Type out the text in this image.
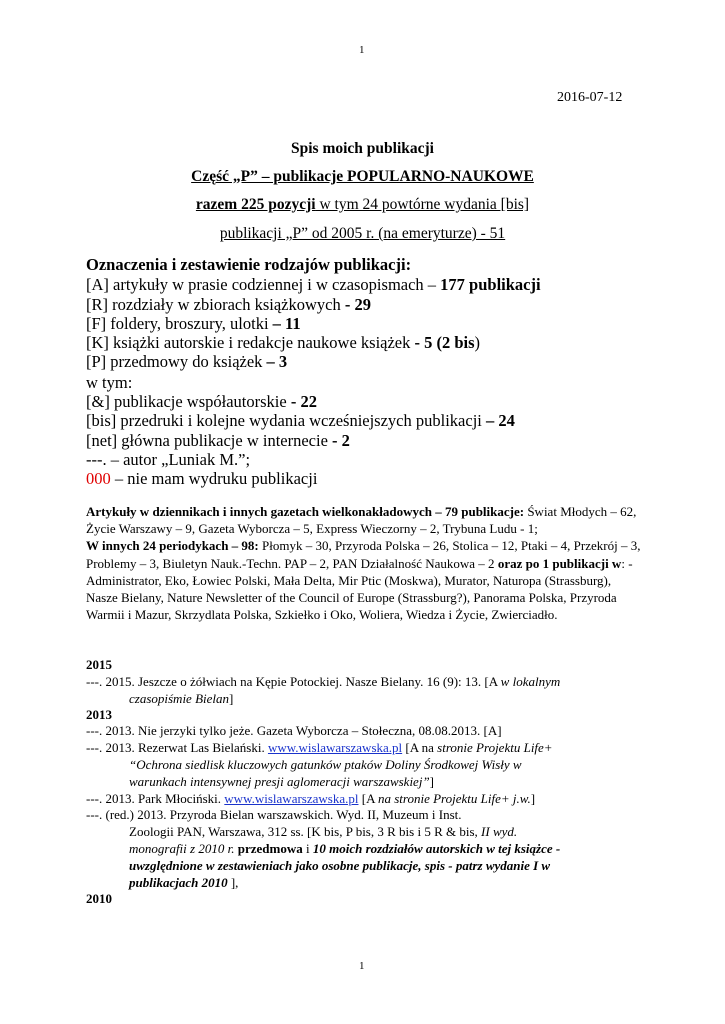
1
2016-07-12
Spis moich publikacji
Część „P” – publikacje POPULARNO-NAUKOWE
razem 225 pozycji w tym 24 powtórne wydania [bis]
publikacji „P” od 2005 r. (na emeryturze) - 51
Oznaczenia i zestawienie rodzajów publikacji:
[A] artykuły w prasie codziennej i w czasopismach – 177 publikacji
[R] rozdziały w zbiorach książkowych - 29
[F] foldery, broszury, ulotki – 11
[K] książki autorskie i redakcje naukowe książek - 5 (2 bis)
[P] przedmowy do książek – 3
w tym:
[&] publikacje współautorskie - 22
[bis] przedruki i kolejne wydania wcześniejszych publikacji – 24
[net] główna publikacje w internecie - 2
---. – autor „Luniak M.”;
000 – nie mam wydruku publikacji
Artykuły w dziennikach i innych gazetach wielkonakładowych – 79 publikacje: Świat Młodych – 62, Życie Warszawy – 9, Gazeta Wyborcza – 5, Express Wieczorny – 2, Trybuna Ludu - 1;
W innych 24 periodykach – 98: Płomyk – 30, Przyroda Polska – 26, Stolica – 12, Ptaki – 4, Przekrój – 3, Problemy – 3, Biuletyn Nauk.-Techn. PAP – 2, PAN Działalność Naukowa – 2 oraz po 1 publikacji w: - Administrator, Eko, Łowiec Polski, Mała Delta, Mir Ptic (Moskwa), Murator, Naturopa (Strassburg), Nasze Bielany, Nature Newsletter of the Council of Europe (Strassburg?), Panorama Polska, Przyroda Warmii i Mazur, Skrzydlata Polska, Szkiełko i Oko, Woliera, Wiedza i Życie, Zwierciadło.
2015
---. 2015. Jeszcze o żółwiach na Kępie Potockiej. Nasze Bielany. 16 (9): 13. [A w lokalnym
czasopiśmie Bielan]
2013
---. 2013. Nie jerzyki tylko jeże. Gazeta Wyborcza – Stołeczna, 08.08.2013. [A]
---. 2013. Rezerwat Las Bielański. www.wislawarszawska.pl [A na stronie Projektu Life+
“Ochrona siedlisk kluczowych gatunków ptaków Doliny Środkowej Wisły w
warunkach intensywnej presji aglomeracji warszawskiej”]
---. 2013. Park Młociński. www.wislawarszawska.pl [A na stronie Projektu Life+ j.w.]
---. (red.) 2013. Przyroda Bielan warszawskich. Wyd. II, Muzeum i Inst.
Zoologii PAN, Warszawa, 312 ss. [K bis, P bis, 3 R bis i 5 R & bis, II wyd.
monografii z 2010 r. przedmowa i 10 moich rozdziałów autorskich w tej książce -
uwzględnione w zestawieniach jako osobne publikacje, spis - patrz wydanie I w
publikacjach 2010 ],
2010
1
